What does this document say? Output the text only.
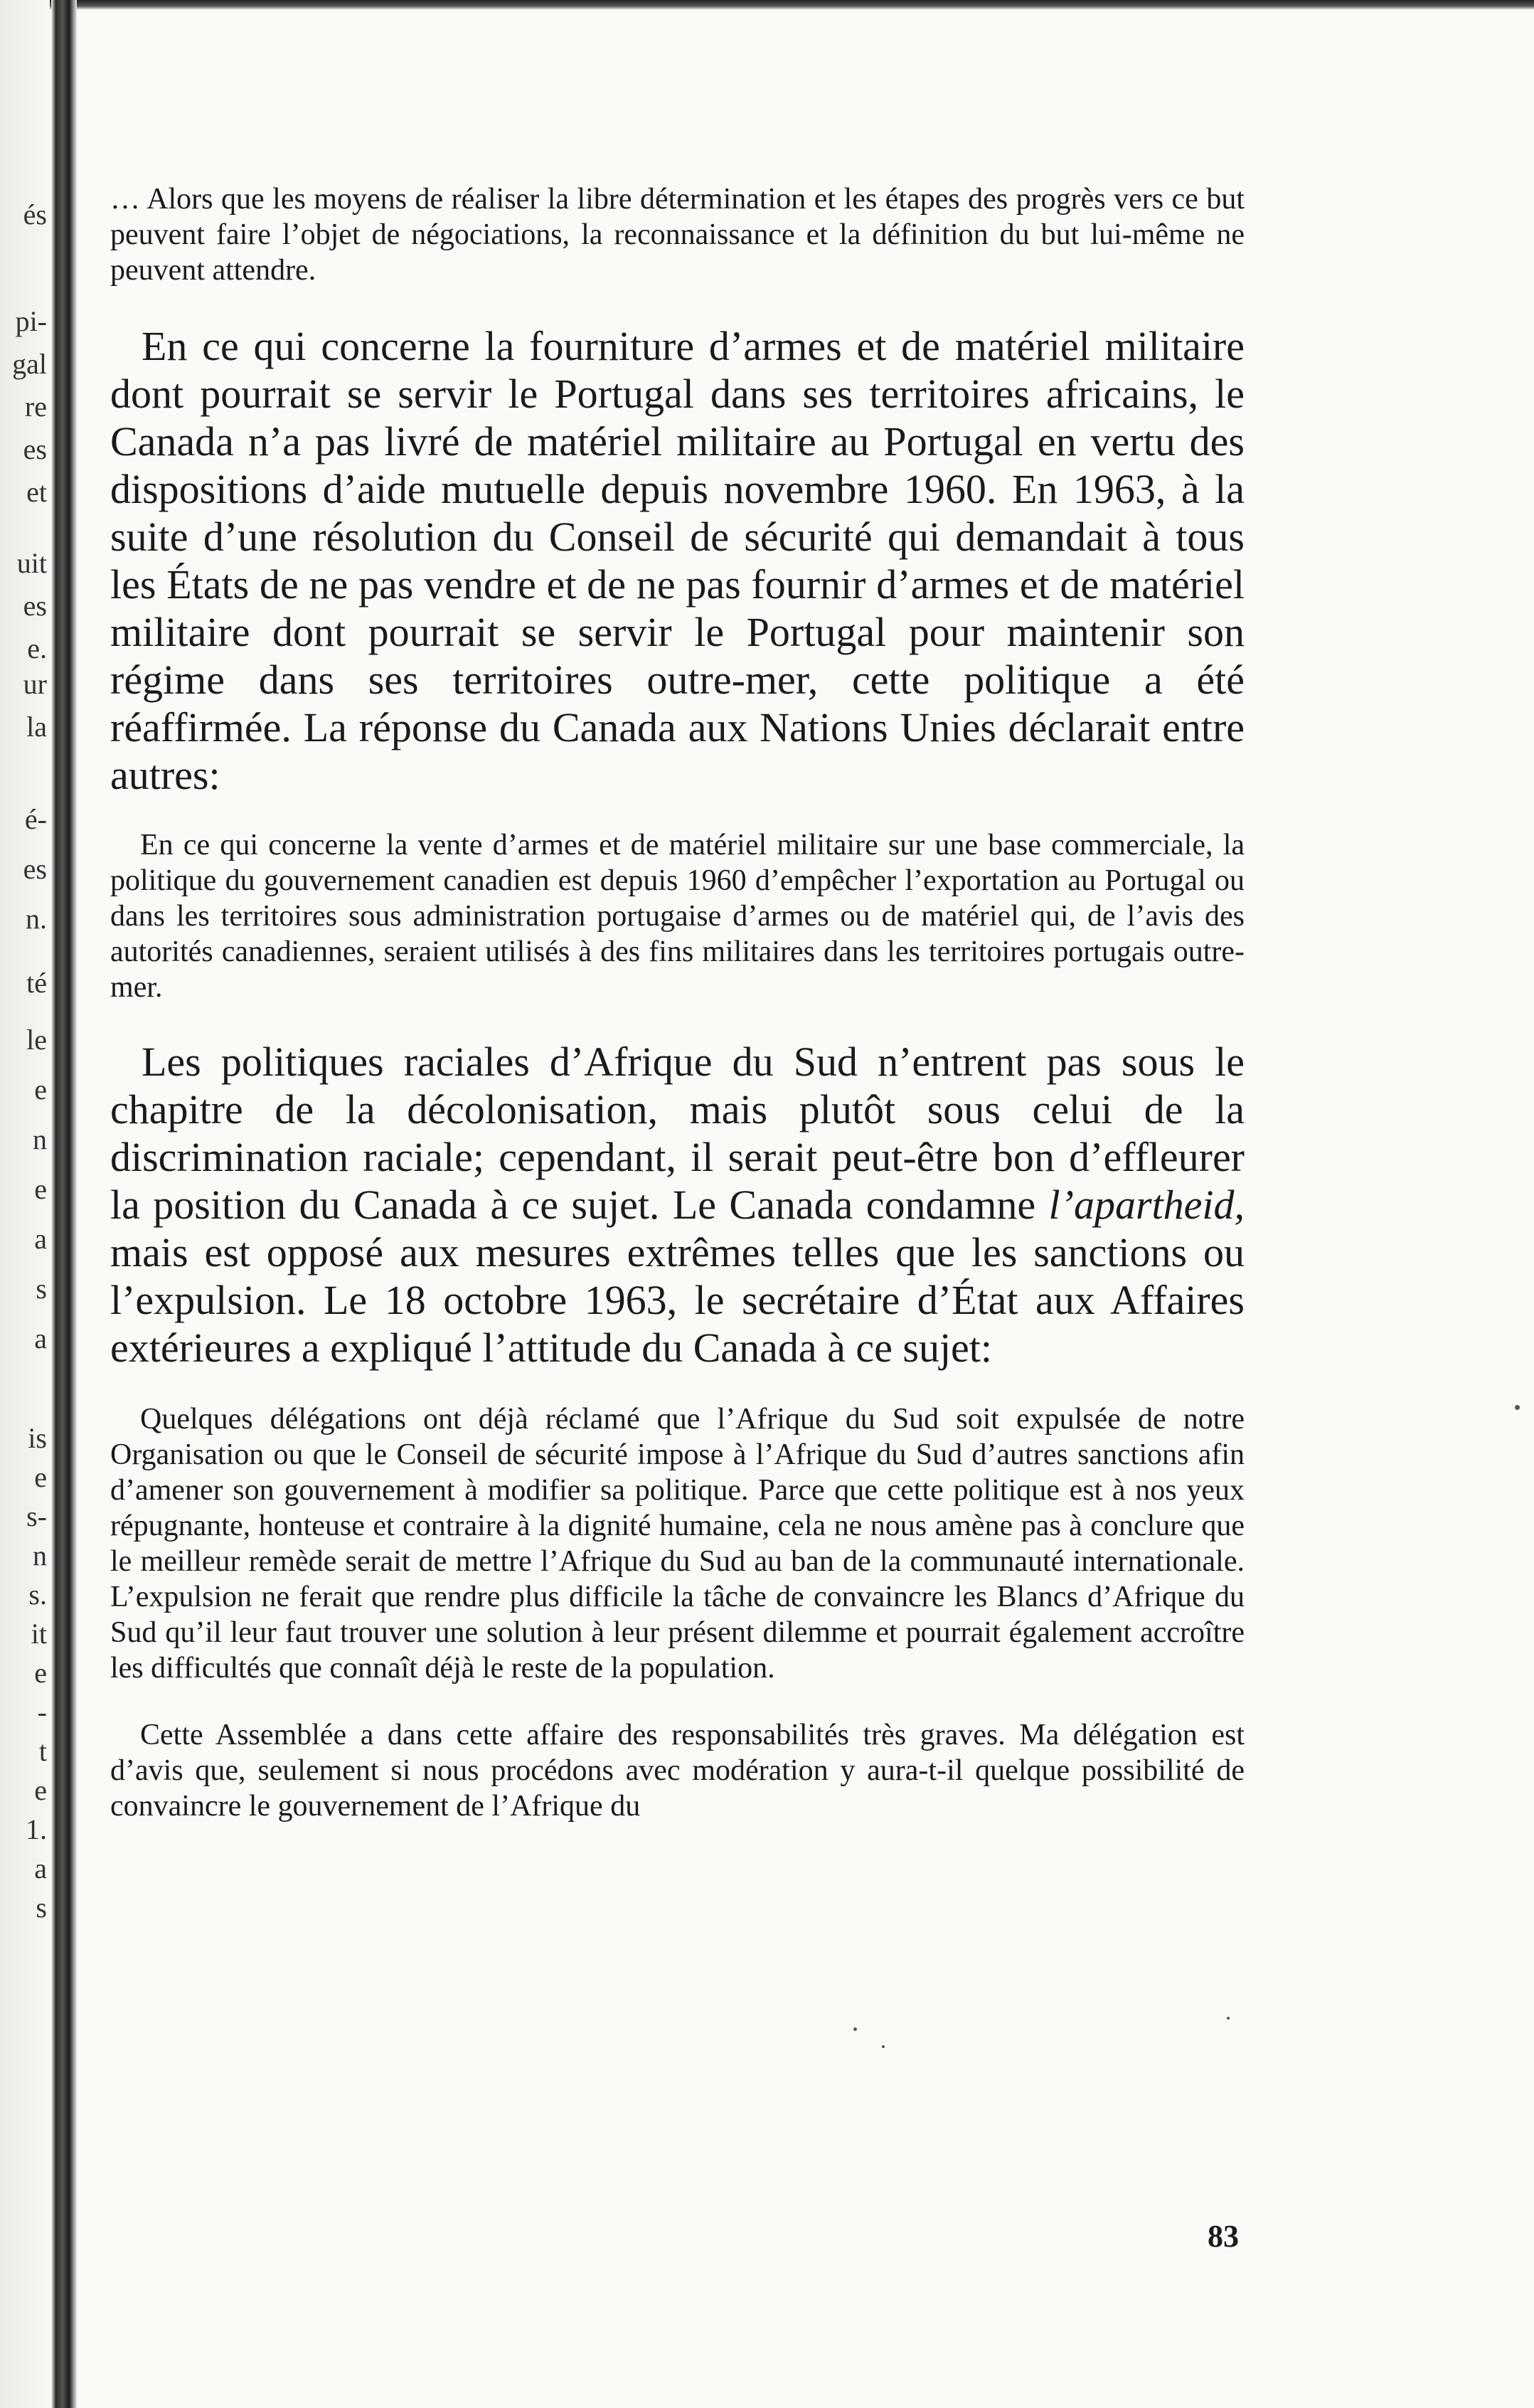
és
pi-
gal
re
es
et
uit
es
e.
ur
la
é-
es
n.
té
le
e
n
e
a
s
a
is
e
s-
n
s.
it
e
-
t
e
1.
a
s

… Alors que les moyens de réaliser la libre détermination et les étapes des progrès vers ce but peuvent faire l’objet de négociations, la reconnaissance et la définition du but lui-même ne peuvent attendre.

En ce qui concerne la fourniture d’armes et de matériel militaire dont pourrait se servir le Portugal dans ses territoires africains, le Canada n’a pas livré de matériel militaire au Portugal en vertu des dispositions d’aide mutuelle depuis novembre 1960. En 1963, à la suite d’une résolution du Conseil de sécurité qui demandait à tous les États de ne pas vendre et de ne pas fournir d’armes et de matériel militaire dont pourrait se servir le Portugal pour maintenir son régime dans ses territoires outre-mer, cette politique a été réaffirmée. La réponse du Canada aux Nations Unies déclarait entre autres:

En ce qui concerne la vente d’armes et de matériel militaire sur une base commerciale, la politique du gouvernement canadien est depuis 1960 d’empêcher l’exportation au Portugal ou dans les territoires sous administration portugaise d’armes ou de matériel qui, de l’avis des autorités canadiennes, seraient utilisés à des fins militaires dans les territoires portugais outre-mer.

Les politiques raciales d’Afrique du Sud n’entrent pas sous le chapitre de la décolonisation, mais plutôt sous celui de la discrimination raciale; cependant, il serait peut-être bon d’effleurer la position du Canada à ce sujet. Le Canada condamne l’apartheid, mais est opposé aux mesures extrêmes telles que les sanctions ou l’expulsion. Le 18 octobre 1963, le secrétaire d’État aux Affaires extérieures a expliqué l’attitude du Canada à ce sujet:

Quelques délégations ont déjà réclamé que l’Afrique du Sud soit expulsée de notre Organisation ou que le Conseil de sécurité impose à l’Afrique du Sud d’autres sanctions afin d’amener son gouvernement à modifier sa politique. Parce que cette politique est à nos yeux répugnante, honteuse et contraire à la dignité humaine, cela ne nous amène pas à conclure que le meilleur remède serait de mettre l’Afrique du Sud au ban de la communauté internationale. L’expulsion ne ferait que rendre plus difficile la tâche de convaincre les Blancs d’Afrique du Sud qu’il leur faut trouver une solution à leur présent dilemme et pourrait également accroître les difficultés que connaît déjà le reste de la population.

Cette Assemblée a dans cette affaire des responsabilités très graves. Ma délégation est d’avis que, seulement si nous procédons avec modération y aura-t-il quelque possibilité de convaincre le gouvernement de l’Afrique du

83
